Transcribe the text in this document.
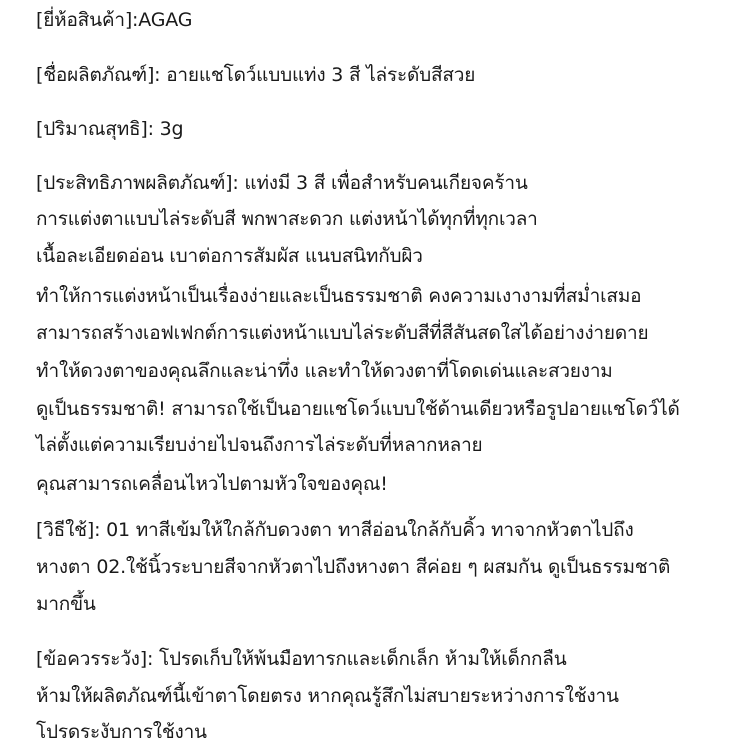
[ยี่ห้อสินค้า]:AGAG
[ชื่อผลิตภัณฑ์]: อายแชโดว์แบบแท่ง 3 สี ไล่ระดับสีสวย
[ปริมาณสุทธิ]: 3g
[ประสิทธิภาพผลิตภัณฑ์]: แท่งมี 3 สี เพื่อสำหรับคนเกียจคร้าน
การแต่งตาแบบไล่ระดับสี พกพาสะดวก แต่งหน้าได้ทุกที่ทุกเวลา
เนื้อละเอียดอ่อน เบาต่อการสัมผัส แนบสนิทกับผิว
ทำให้การแต่งหน้าเป็นเรื่องง่ายและเป็นธรรมชาติ คงความเงางามที่สม่ำเสมอ
สามารถสร้างเอฟเฟกต์การแต่งหน้าแบบไล่ระดับสีที่สีสันสดใสได้อย่างง่ายดาย
ทำให้ดวงตาของคุณลึกและน่าทึ่ง และทำให้ดวงตาที่โดดเด่นและสวยงาม
ดูเป็นธรรมชาติ! สามารถใช้เป็นอายแชโดว์แบบใช้ด้านเดียวหรือรูปอายแชโดว์ได้
ไล่ตั้งแต่ความเรียบง่ายไปจนถึงการไล่ระดับที่หลากหลาย
คุณสามารถเคลื่อนไหวไปตามหัวใจของคุณ!
[วิธีใช้]: 01 ทาสีเข้มให้ใกล้กับดวงตา ทาสีอ่อนใกล้กับคิ้ว ทาจากหัวตาไปถึง
หางตา 02.ใช้นิ้วระบายสีจากหัวตาไปถึงหางตา สีค่อย ๆ ผสมกัน ดูเป็นธรรมชาติ
มากขึ้น
[ข้อควรระวัง]: โปรดเก็บให้พ้นมือทารกและเด็กเล็ก ห้ามให้เด็กกลืน
ห้ามให้ผลิตภัณฑ์นี้เข้าตาโดยตรง หากคุณรู้สึกไม่สบายระหว่างการใช้งาน
โปรดระงับการใช้งาน
